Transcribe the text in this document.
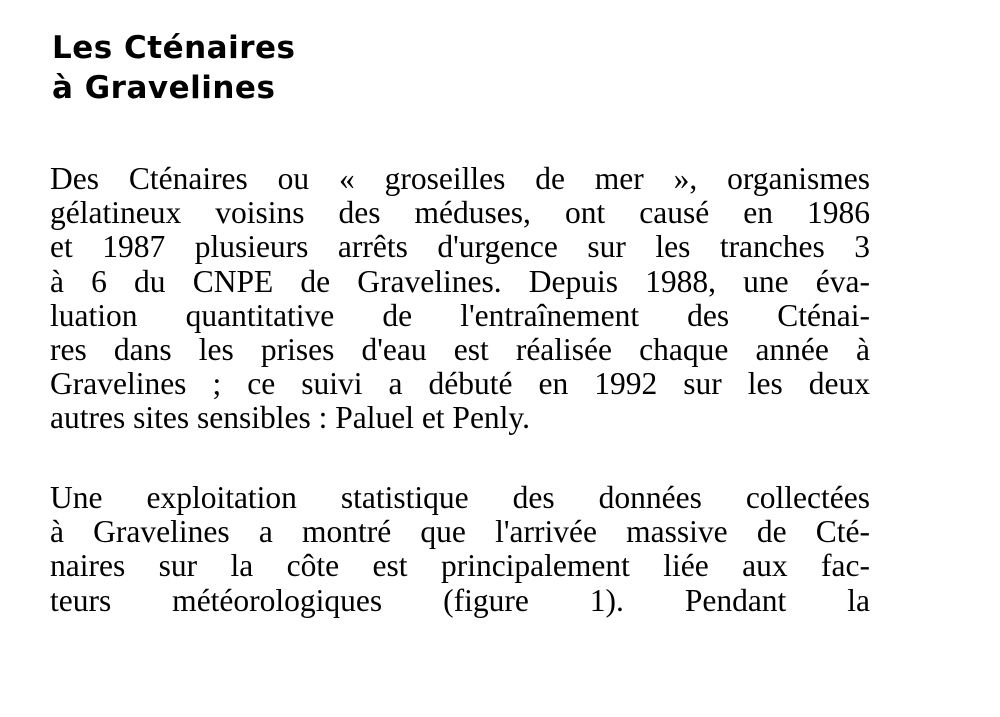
Les Cténaires
à Gravelines
Des Cténaires ou « groseilles de mer », organismes
gélatineux voisins des méduses, ont causé en 1986
et 1987 plusieurs arrêts d'urgence sur les tranches 3
à 6 du CNPE de Gravelines. Depuis 1988, une éva-
luation quantitative de l'entraînement des Cténai-
res dans les prises d'eau est réalisée chaque année à
Gravelines ; ce suivi a débuté en 1992 sur les deux
autres sites sensibles : Paluel et Penly.
Une exploitation statistique des données collectées
à Gravelines a montré que l'arrivée massive de Cté-
naires sur la côte est principalement liée aux fac-
teurs météorologiques (figure 1). Pendant la
